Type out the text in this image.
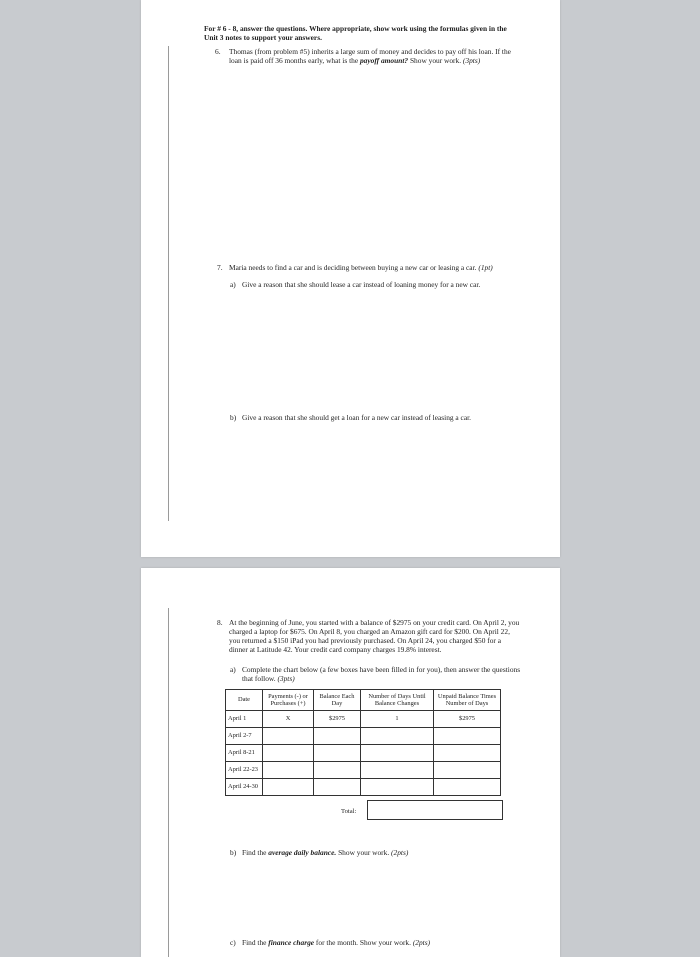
For # 6 - 8, answer the questions. Where appropriate, show work using the formulas given in the
Unit 3 notes to support your answers.
6. Thomas (from problem #5) inherits a large sum of money and decides to pay off his loan. If the
loan is paid off 36 months early, what is the payoff amount? Show your work. (3pts)
7. Maria needs to find a car and is deciding between buying a new car or leasing a car. (1pt)
a) Give a reason that she should lease a car instead of loaning money for a new car.
b) Give a reason that she should get a loan for a new car instead of leasing a car.
8. At the beginning of June, you started with a balance of $2975 on your credit card. On April 2, you
charged a laptop for $675. On April 8, you charged an Amazon gift card for $200. On April 22,
you returned a $150 iPad you had previously purchased. On April 24, you charged $50 for a
dinner at Latitude 42. Your credit card company charges 19.8% interest.
a) Complete the chart below (a few boxes have been filled in for you), then answer the questions
that follow. (3pts)
Date	Payments (-) or Purchases (+)	Balance Each Day	Number of Days Until Balance Changes	Unpaid Balance Times Number of Days
April 1	X	$2975	1	$2975
April 2-7				
April 8-21				
April 22-23				
April 24-30				
Total:
b) Find the average daily balance. Show your work. (2pts)
c) Find the finance charge for the month. Show your work. (2pts)
